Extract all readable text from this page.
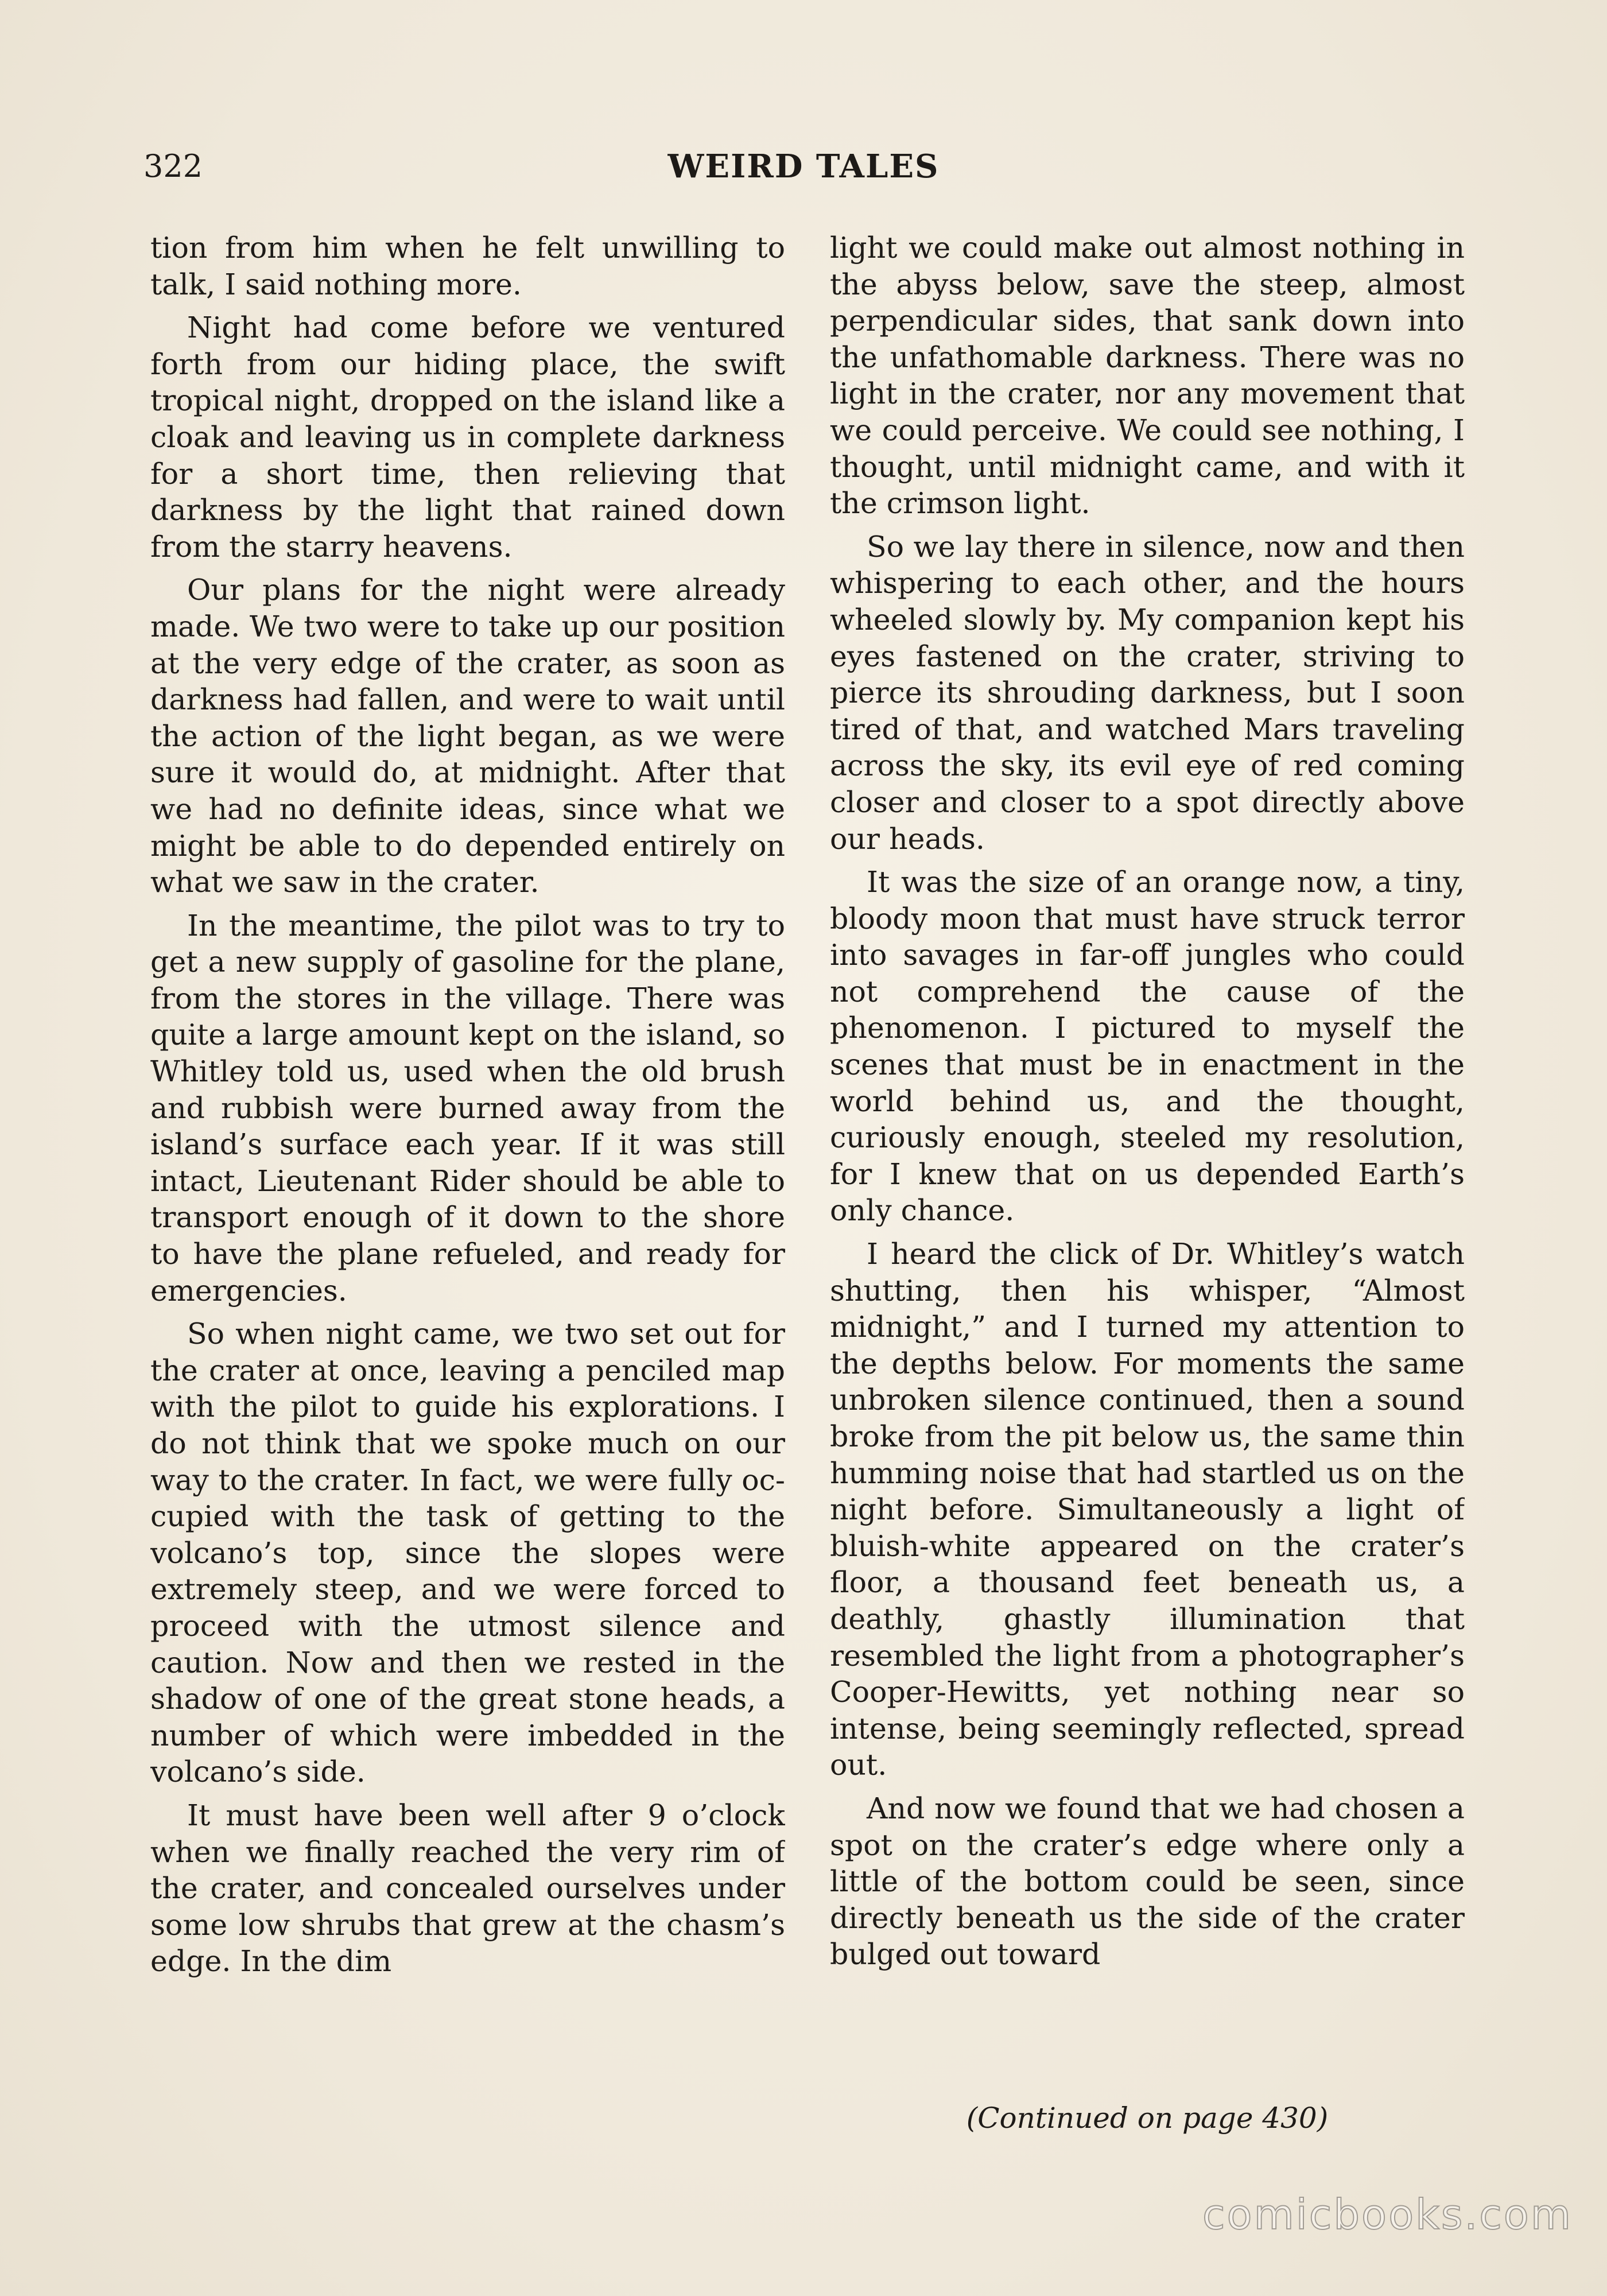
322	WEIRD TALES

tion from him when he felt unwilling to talk, I said nothing more.

Night had come before we ventured forth from our hiding place, the swift tropical night, dropped on the island like a cloak and leaving us in complete darkness for a short time, then relieving that darkness by the light that rained down from the starry heavens.

Our plans for the night were already made. We two were to take up our position at the very edge of the crater, as soon as darkness had fallen, and were to wait until the action of the light began, as we were sure it would do, at midnight. After that we had no definite ideas, since what we might be able to do depended entirely on what we saw in the crater.

In the meantime, the pilot was to try to get a new supply of gasoline for the plane, from the stores in the village. There was quite a large amount kept on the island, so Whitley told us, used when the old brush and rubbish were burned away from the island’s surface each year. If it was still intact, Lieutenant Rider should be able to transport enough of it down to the shore to have the plane refueled, and ready for emergencies.

So when night came, we two set out for the crater at once, leaving a penciled map with the pilot to guide his explorations. I do not think that we spoke much on our way to the crater. In fact, we were fully occupied with the task of getting to the volcano’s top, since the slopes were extremely steep, and we were forced to proceed with the utmost silence and caution. Now and then we rested in the shadow of one of the great stone heads, a number of which were imbedded in the volcano’s side.

It must have been well after 9 o’clock when we finally reached the very rim of the crater, and concealed ourselves under some low shrubs that grew at the chasm’s edge. In the dim

light we could make out almost nothing in the abyss below, save the steep, almost perpendicular sides, that sank down into the unfathomable darkness. There was no light in the crater, nor any movement that we could perceive. We could see nothing, I thought, until midnight came, and with it the crimson light.

So we lay there in silence, now and then whispering to each other, and the hours wheeled slowly by. My companion kept his eyes fastened on the crater, striving to pierce its shrouding darkness, but I soon tired of that, and watched Mars traveling across the sky, its evil eye of red coming closer and closer to a spot directly above our heads.

It was the size of an orange now, a tiny, bloody moon that must have struck terror into savages in far-off jungles who could not comprehend the cause of the phenomenon. I pictured to myself the scenes that must be in enactment in the world behind us, and the thought, curiously enough, steeled my resolution, for I knew that on us depended Earth’s only chance.

I heard the click of Dr. Whitley’s watch shutting, then his whisper, “Almost midnight,” and I turned my attention to the depths below. For moments the same unbroken silence continued, then a sound broke from the pit below us, the same thin humming noise that had startled us on the night before. Simultaneously a light of bluish-white appeared on the crater’s floor, a thousand feet beneath us, a deathly, ghastly illumination that resembled the light from a photographer’s Cooper-Hewitts, yet nothing near so intense, being seemingly reflected, spread out.

And now we found that we had chosen a spot on the crater’s edge where only a little of the bottom could be seen, since directly beneath us the side of the crater bulged out toward

(Continued on page 430)
comicbooks.com
